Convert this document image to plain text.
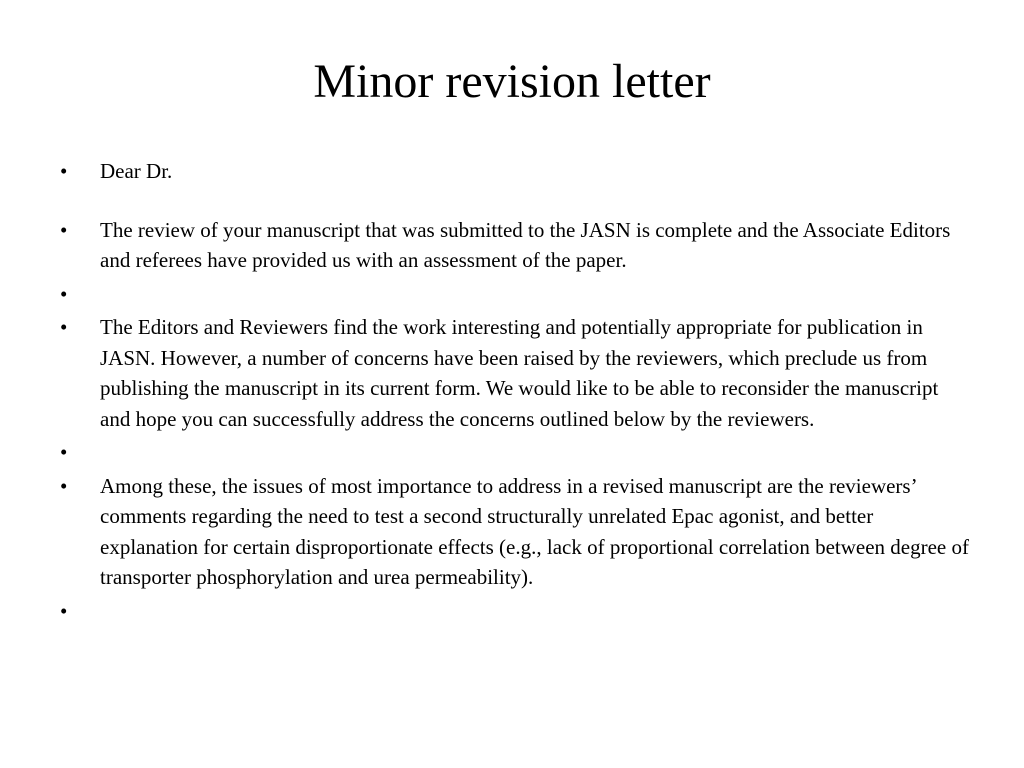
Minor revision letter
• Dear Dr.
• The review of your manuscript that was submitted to the JASN is complete and the Associate Editors and referees have provided us with an assessment of the paper.
•
• The Editors and Reviewers find the work interesting and potentially appropriate for publication in JASN. However, a number of concerns have been raised by the reviewers, which preclude us from publishing the manuscript in its current form. We would like to be able to reconsider the manuscript and hope you can successfully address the concerns outlined below by the reviewers.
•
• Among these, the issues of most importance to address in a revised manuscript are the reviewers’ comments regarding the need to test a second structurally unrelated Epac agonist, and better explanation for certain disproportionate effects (e.g., lack of proportional correlation between degree of transporter phosphorylation and urea permeability).
•
